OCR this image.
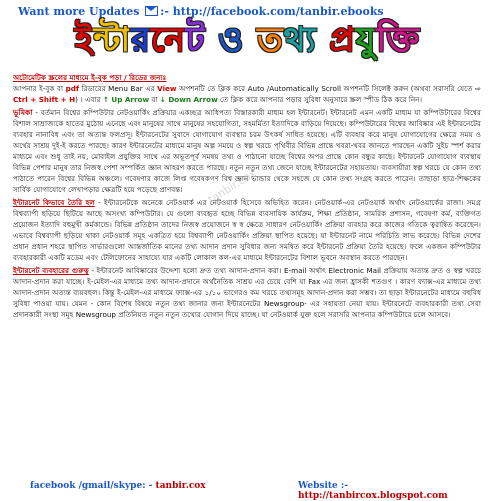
Want more Updates :- http://facebook.com/tanbir.ebooks
ইন্রনেট ও তথ্য প্রযুক্তি
tanbir.cox

অটোমেটিক স্ক্রলের মাধ্যমে ই-বুক পড়া / রিডের জন্যঃ
আপনার ই-বুক বা pdf রিডারের Menu Bar এর View অপশনটি তে ক্লিক করে Auto /Automatically Scroll অপশনটি সিলেক্ট করুন (অথবা সরাসরি যেতে ⇨ Ctrl + Shift + H) । এবার ↑ Up Arrow বা ↓ Down Arrow তে ক্লিক করে আপনার পড়ার সুবিধা অনুসারে স্ক্রল স্পীড ঠিক করে নিন।

ভূমিকা - বর্তমান বিশ্বের কম্পিউটার নেটওয়ার্কিং প্রক্রিয়ার একচ্ছত্র আধিপত্য বিস্তারকারী মাধ্যম হল ইন্টারনেট। ইন্টারনেট এমন একটি মাধ্যম যা কম্পিউটারের বিশ্বের বিশাল সাম্রাজ্যকে হাতের মুঠোয় এনেছে এবং মানুষের সাথে মানুষের সহযোগিতা, সহমর্মিতা ইত্যাদিকে বাড়িয়ে দিয়েছে। কম্পিউটারের বিশ্বের আবিষ্কার এই ইন্টারনেটের ব্যবহার নানাবিধ এবং তা অত্যন্ত ফলপ্রসূ। ইন্টারনেটের সুবাদে যোগাযোগ ব্যবস্থার চরম উৎকর্ষ সাধিত হয়েছে। এটি ব্যবহার করে মানুষ যোগাযোগের ক্ষেত্রে সময় ও অর্থের সাশ্রয় দুই-ই করতে পারছে। কারণ ইন্টারনেটের মাধ্যমে মানুষ অল্প সময়ে ও স্বল্প খরচে পৃথিবীর বিভিন্ন প্রান্তে খবরা-খবর জানতে পারছেন একটি সুইচ স্পর্শ করার মাধ্যমে এবং শুধু তাই নয়, মোবাইল প্রযুক্তির সাথে এর অভূতপূর্ব সমন্বয় তথ্য ও পাঠানো যাচ্ছে বিশ্বের অপর প্রান্তে কোন বন্ধুর কাছে। ইন্টারনেট যোগাযোগ ব্যবস্থায় বিভিন্ন পেশার মানুষ তার নিজস্ব পেশা সম্পর্কিত জ্ঞান আহরণ করতে পারছে। নতুন নতুন তথ্য জেনে যাচ্ছে ইন্টারনেটের সহায়তায়। ব্যবসায়ীরা স্বল্প খরচে যে কোন তথ্য পাঠাতে পারেন বিশ্বের বিভিন্ন অঞ্চলে। গবেষণার কাজে লিপ্ত গবেষকগণ বিশ্ব জ্ঞান ভান্ডার থেকে সহজে যে কোন তথ্য সংগ্রহ করতে পারেন। তাছাড়া ছাত্র-শিক্ষকের সার্বিক যোগাযোগে লেখাপড়ার ক্ষেত্রটি হয়ে পড়েছে প্রাণবন্ত।

ইন্টারনেট কিভাবে তৈরি হল - ইন্টারনেটকে অনেকে নেটওয়ার্ক এর নেটওয়ার্ক হিসেবে অভিহিত করেন। নেটওয়ার্ক-এর নেটওয়ার্ক অর্থাৎ নেটওয়ার্কের রাজা। সমগ্র বিশ্বব্যাপী ছড়িয়ে ছিটিয়ে আছে অসংখ্য কম্পিউটার। যে গুলো ব্যবহৃত হচ্ছে বিভিন্ন ব্যবসায়িক কার্যক্রম, শিক্ষা প্রতিষ্ঠান, সামরিক প্রশাসন, গবেষণা কর্ম, ব্যক্তিগত প্রয়োজন ইত্যাদি বহুমুখী কর্মকান্ডে। বিভিন্ন প্রতিষ্ঠান তাদের নিজস্ব প্রয়োজনে স্ব স্ব ক্ষেত্রে সাধারণ নেটওয়ার্কিং প্রক্রিয়া ব্যবহার করে কাজের গতিকে ত্বরান্বিত করেছেন। এভাবে বিশ্বব্যাপী ছড়িয়ে থাকা নেটওয়ার্ক সমূহ একত্রিত হয়ে বিশ্বব্যাপী নেটওয়ার্কিং প্রক্রিয়া স্থাপিত হয়েছে। যা ইন্টারনেট নামে পরিচিতি লাভ করেছে। বিভিন্ন দেশের প্রধান প্রধান শহরে স্থাপিত সার্ভারগুলো আন্তর্জাতিক মানের তথ্য আদান প্রদান সুবিধার জন্য সমন্বিত করে ইন্টারনেট প্রক্রিয়া তৈরি হয়েছে। ফলে একজন কম্পিউটার ব্যবহারকারী একটি মডেম এবং টেলিফোনের সাহায্যে যার একটি লোকাল কল-এর মাধ্যমে ইন্টারনেটের বিশাল ভূবনে অবস্থান করতে পারছেন।

ইন্টারনেট ব্যবহারের গুরুত্ব - ইন্টারনেট আবিষ্কারের উদ্দেশ্য হলো দ্রুত তথ্য আদান-প্রদান করা। E-mail অর্থাৎ Electronic Mail প্রক্রিয়ায় অত্যন্ত দ্রুত ও স্বল্প খরচে আদান-প্রদান করা যাচ্ছে। ই-মেইল-এর মাধ্যমে তথ্য আদান-প্রদানে অর্থনৈতিক সাশ্রয় এর চেয়ে বেশি যা Fax এর জন্য হ্রাসকী শতগুণ । কারণ ফ্যাক্স-এর মাধ্যমে তথ্য আদান-প্রদান অত্যন্ত ব্যয়বহুল। কিন্তু ই-মেইল-এর মাধ্যমে ফ্যাক্স-এর ১/১০ ভাগেরও কম খরচে তথ্যসমূহ আদান-প্রদান করা সম্ভব। তা ছাড়া ইন্টারনেটের মাধ্যমে বহুবিধ সুবিধা পাওয়া যায়। যেমন - কোন বিশেষ বিষয়ে নতুন তথ্য জানার জন্য ইন্টারনেটের Newsgroup- এর সহায়তা নেয়া যায়। ইন্টারনেটে ব্যবহারকারী তথ্য সেবা প্রদানকারী সংস্থা সমূহ Newsgroup প্রতিনিয়ত নতুন নতুন তথ্যের যোগান দিয়ে যাচ্ছে। যা নেটওয়ার্ক যুক্ত হলে সরাসরি আপনার কম্পিউটারে চলে আসবে।

facebook /gmail/skype: - tanbir.cox	Website :- http://tanbircox.blogspot.com
